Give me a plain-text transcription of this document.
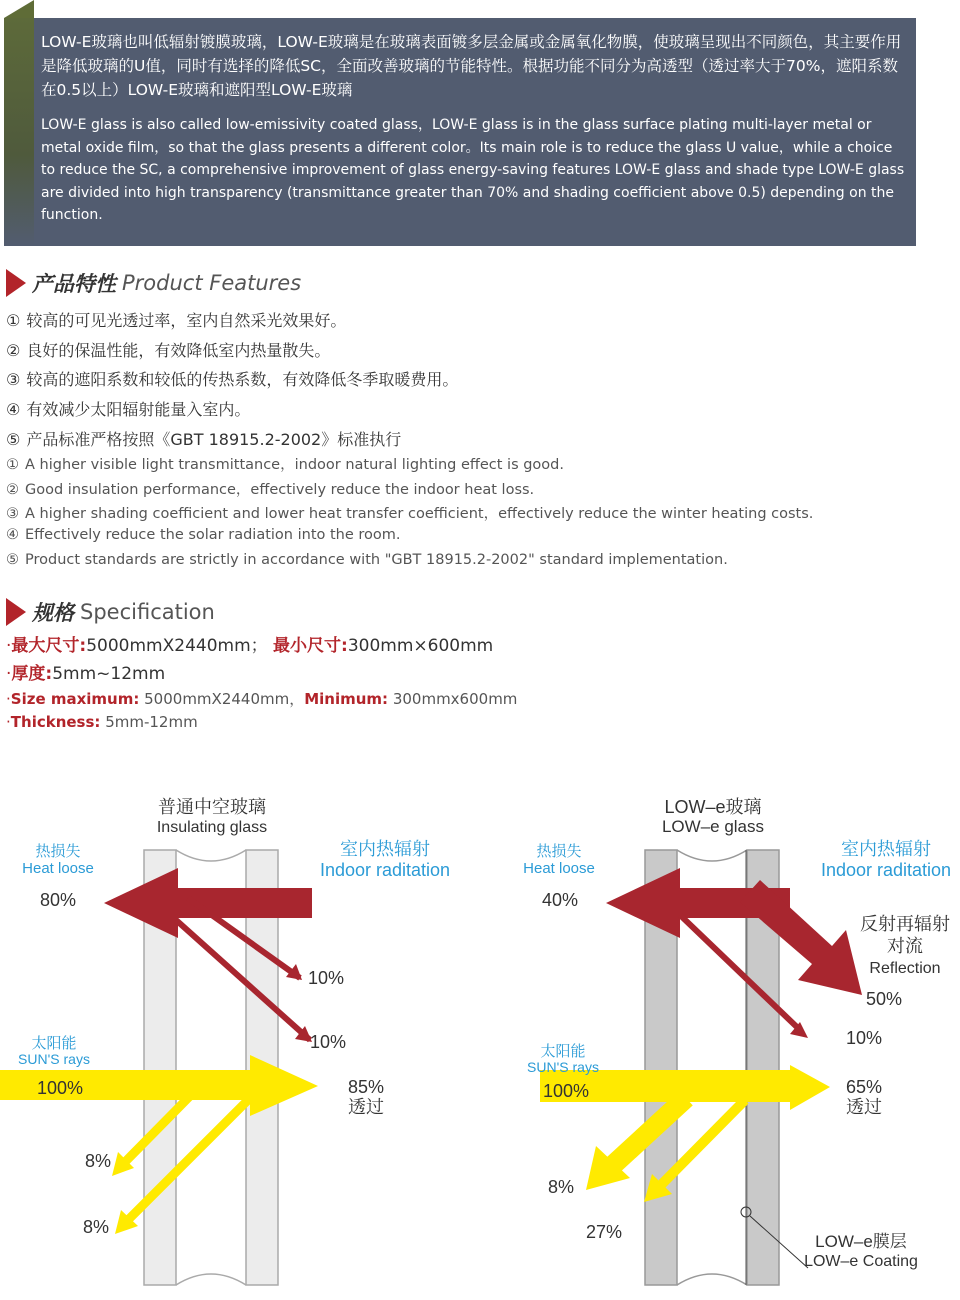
LOW-E玻璃也叫低辐射镀膜玻璃，LOW-E玻璃是在玻璃表面镀多层金属或金属氧化物膜，使玻璃呈现出不同颜色，其主要作用是降低玻璃的U值，同时有选择的降低SC，全面改善玻璃的节能特性。根据功能不同分为高透型（透过率大于70%，遮阳系数在0.5以上）LOW-E玻璃和遮阳型LOW-E玻璃
LOW-E glass is also called low-emissivity coated glass，LOW-E glass is in the glass surface plating multi-layer metal or metal oxide film，so that the glass presents a different color。Its main role is to reduce the glass U value，while a choice to reduce the SC, a comprehensive improvement of glass energy-saving features LOW-E glass and shade type LOW-E glass are divided into high transparency (transmittance greater than 70% and shading coefficient above 0.5) depending on the function.
产品特性 Product Features
① 较高的可见光透过率，室内自然采光效果好。
② 良好的保温性能，有效降低室内热量散失。
③ 较高的遮阳系数和较低的传热系数，有效降低冬季取暖费用。
④ 有效减少太阳辐射能量入室内。
⑤ 产品标准严格按照《GBT 18915.2-2002》标准执行
① A higher visible light transmittance，indoor natural lighting effect is good.
② Good insulation performance，effectively reduce the indoor heat loss.
③ A higher shading coefficient and lower heat transfer coefficient，effectively reduce the winter heating costs.
④ Effectively reduce the solar radiation into the room.
⑤ Product standards are strictly in accordance with "GBT 18915.2-2002" standard implementation.
规格 Specification
·最大尺寸:5000mmX2440mm； 最小尺寸:300mm×600mm
·厚度:5mm~12mm
·Size maximum: 5000mmX2440mm，Minimum: 300mmx600mm
·Thickness: 5mm-12mm
普通中空玻璃
Insulating glass
热损失
Heat loose
80%
室内热辐射
Indoor raditation
10%
10%
太阳能
SUN'S rays
100%	85%
透过
8%
8%
LOW–e玻璃
LOW–e glass
热损失
Heat loose
40%
室内热辐射
Indoor raditation
反射再辐射
对流
Reflection
50%
10%
太阳能
SUN'S rays
100%	65%
透过
8%
27%	LOW–e膜层
LOW–e Coating
